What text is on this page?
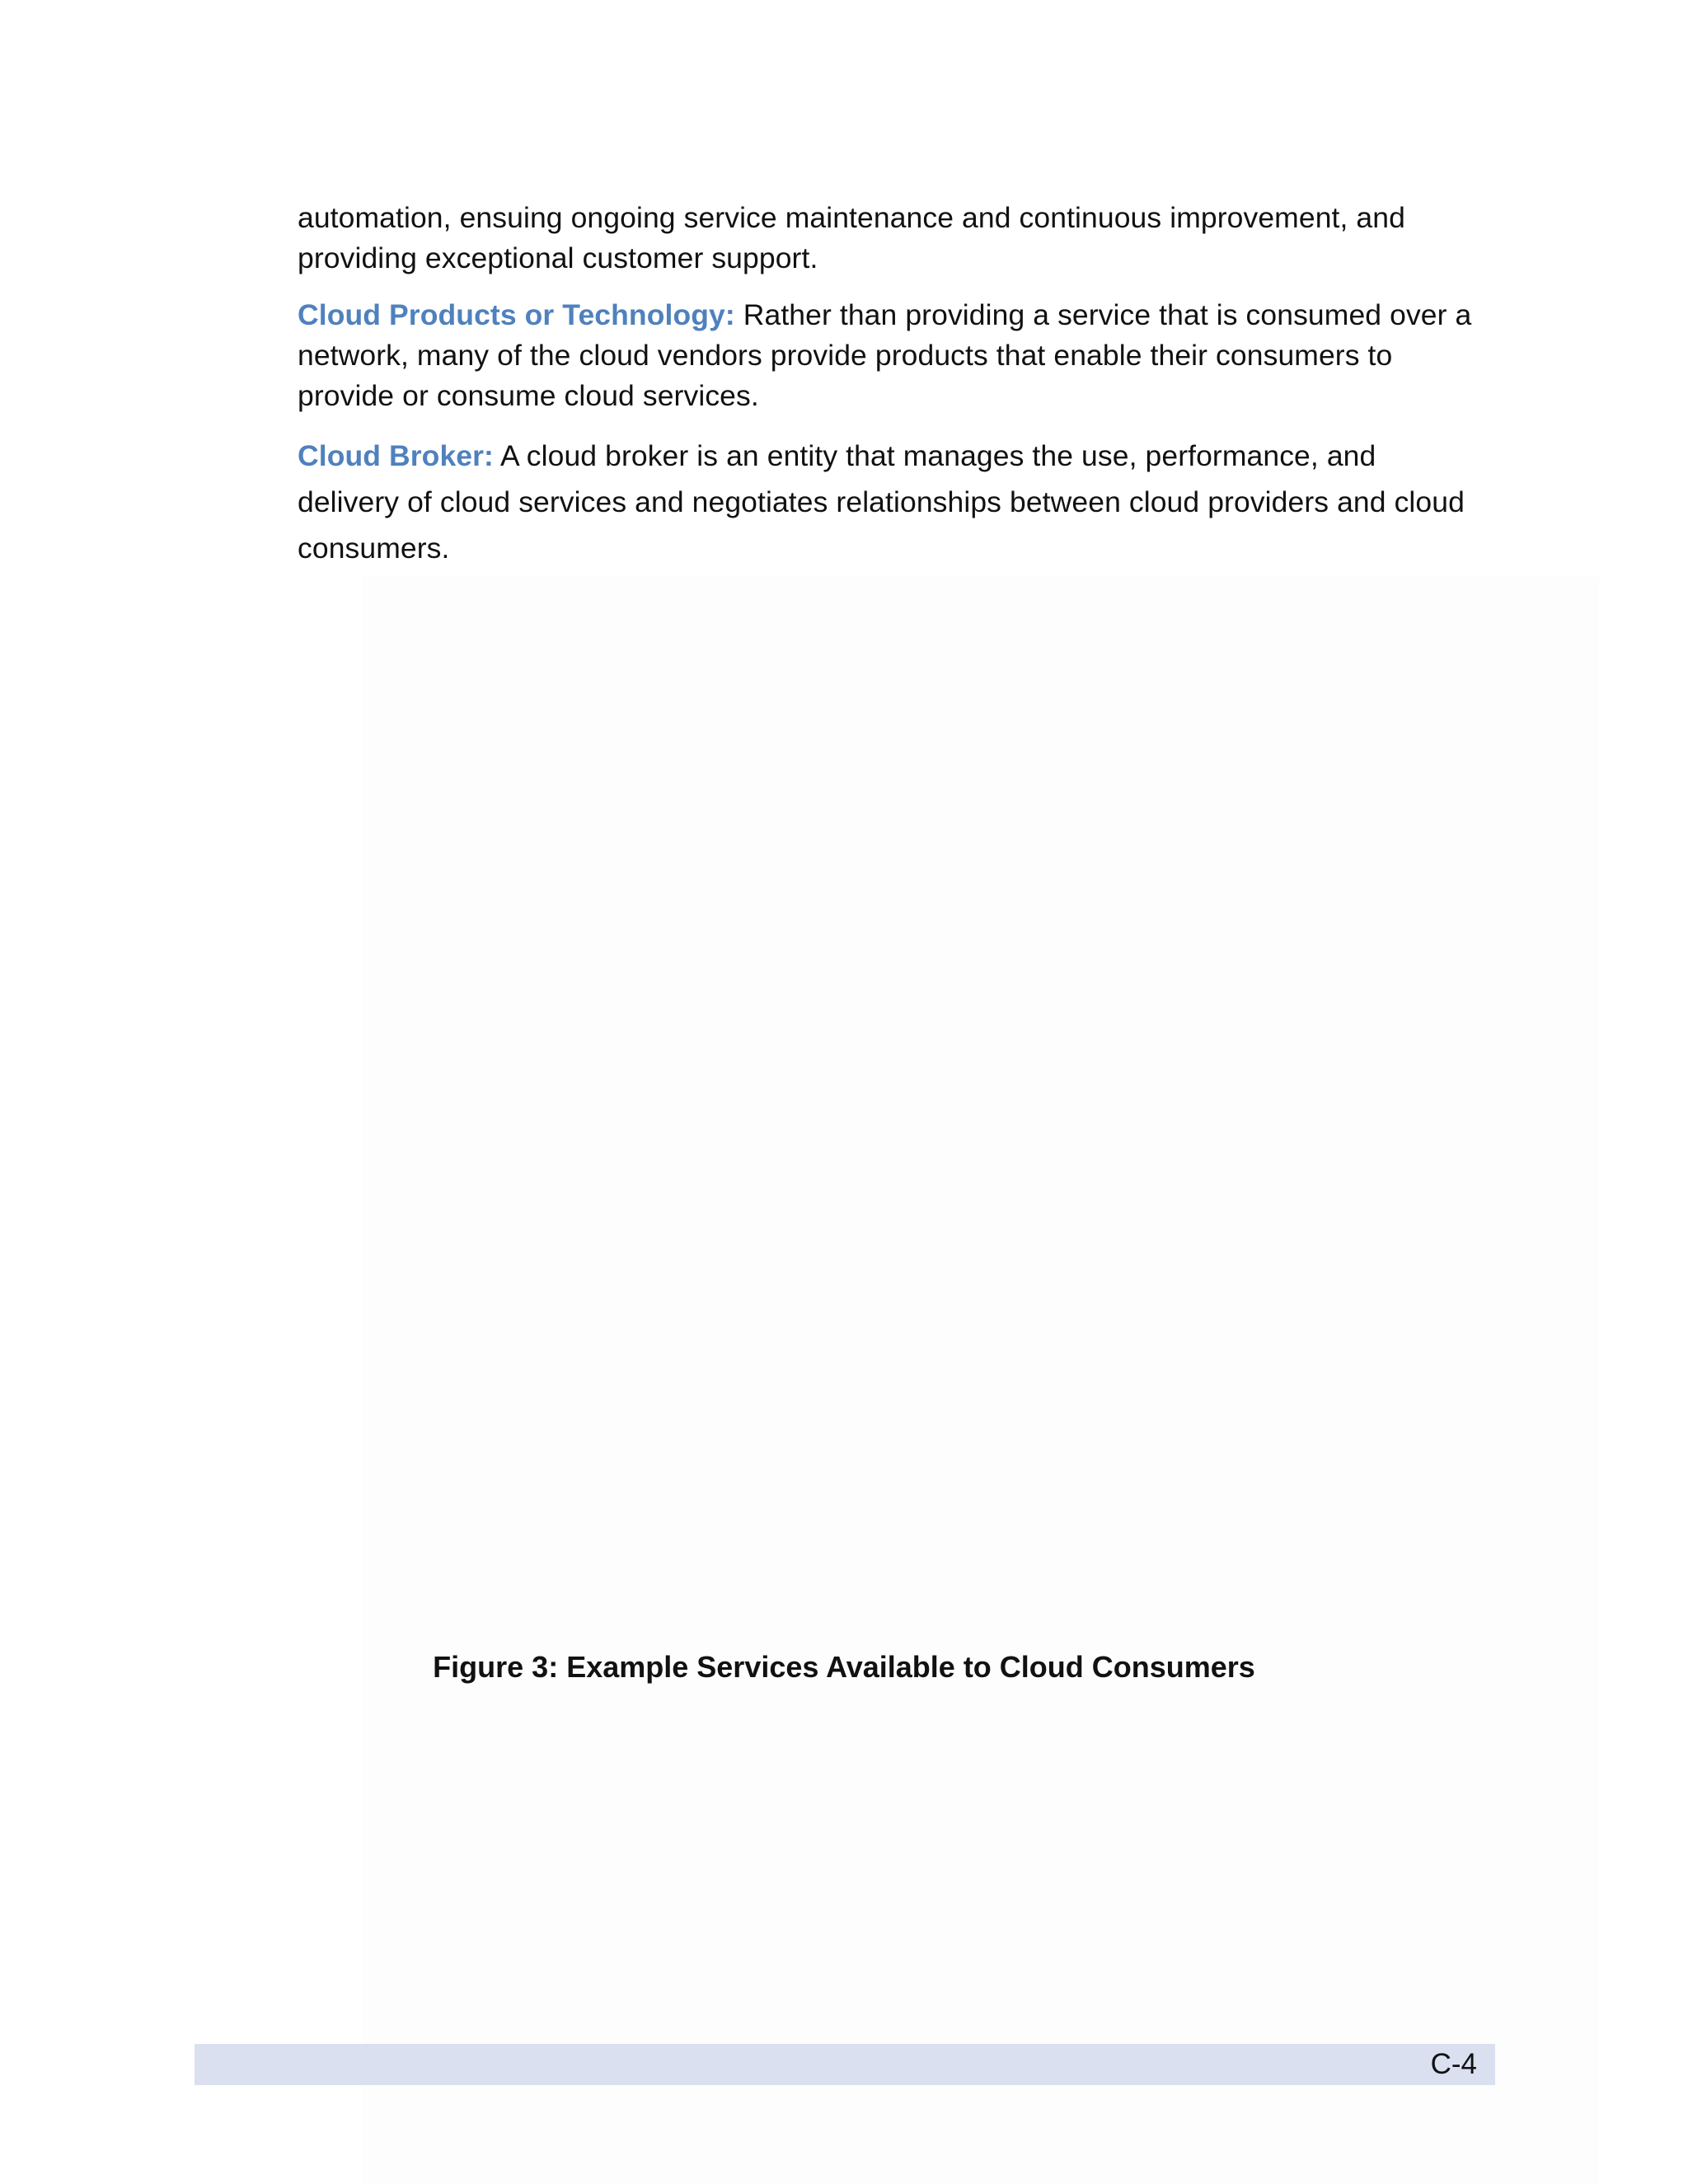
automation, ensuing ongoing service maintenance and continuous improvement, and providing exceptional customer support.

Cloud Products or Technology: Rather than providing a service that is consumed over a network, many of the cloud vendors provide products that enable their consumers to provide or consume cloud services.

Cloud Broker: A cloud broker is an entity that manages the use, performance, and delivery of cloud services and negotiates relationships between cloud providers and cloud consumers.

Figure 3: Example Services Available to Cloud Consumers
C-4
